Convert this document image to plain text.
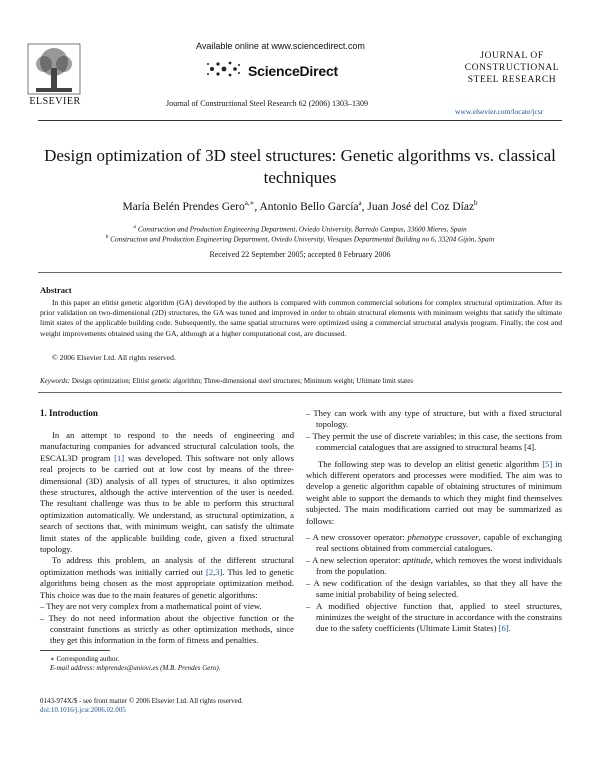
ELSEVIER
Available online at www.sciencedirect.com
ScienceDirect
Journal of Constructional Steel Research 62 (2006) 1303–1309
JOURNAL OF
CONSTRUCTIONAL
STEEL RESEARCH
www.elsevier.com/locate/jcsr
Design optimization of 3D steel structures: Genetic algorithms vs. classical techniques
María Belén Prendes Gero$^{a,∗}$, Antonio Bello García$^a$, Juan José del Coz Díaz$^b$
$^a$ Construction and Production Engineering Department, Oviedo University, Barredo Campus, 33600 Mieres, Spain
$^b$ Construction and Production Engineering Department, Oviedo University, Viesques Departmental Building no 6, 33204 Gijón, Spain
Received 22 September 2005; accepted 8 February 2006
Abstract
In this paper an elitist genetic algorithm (GA) developed by the authors is compared with common commercial solutions for complex structural optimization. After its prior validation on two-dimensional (2D) structures, the GA was tuned and improved in order to obtain structural elements with minimum weights that satisfy the ultimate limit states of the applicable building code. Subsequently, the same spatial structures were optimized using a commercial structural analysis program. Finally, the cost and weight improvements obtained using the GA, although at a higher computational cost, are discussed.
© 2006 Elsevier Ltd. All rights reserved.
Keywords: Design optimization; Elitist genetic algorithm; Three-dimensional steel structures; Minimum weight; Ultimate limit states
1. Introduction

In an attempt to respond to the needs of engineering and manufacturing companies for advanced structural calculation tools, the ESCAL3D program [1] was developed. This software not only allows real projects to be carried out at low cost by means of the three-dimensional (3D) analysis of all types of structures, it also optimizes these structures, although the active intervention of the user is needed. The resultant challenge was thus to be able to perform this structural optimization automatically. We understand, as structural optimization, a search of sections that, with minimum weight, can satisfy the ultimate limit states of the applicable building code, given a fixed structural topology.

To address this problem, an analysis of the different structural optimization methods was initially carried out [2,3]. This led to genetic algorithms being chosen as the most appropriate optimization method. This choice was due to the main features of genetic algorithms:

– They are not very complex from a mathematical point of view.
– They do not need information about the objective function or the constraint functions as strictly as other optimization methods, since they get this information in the form of fitness and penalties.
– They can work with any type of structure, but with a fixed structural topology.
– They permit the use of discrete variables; in this case, the sections from commercial catalogues that are assigned to structural beams [4].

The following step was to develop an elitist genetic algorithm [5] in which different operators and processes were modified. The aim was to develop a genetic algorithm capable of obtaining structures of minimum weight able to support the demands to which they might find themselves subjected. The main modifications carried out may be summarized as follows:

– A new crossover operator: phenotype crossover, capable of exchanging real sections obtained from commercial catalogues.
– A new selection operator: aptitude, which removes the worst individuals from the population.
– A new codification of the design variables, so that they all have the same initial probability of being selected.
– A modified objective function that, applied to steel structures, minimizes the weight of the structure in accordance with the constrains due to the safety coefficients (Ultimate Limit States) [6].
∗ Corresponding author.
E-mail address: mbprendes@uniovi.es (M.B. Prendes Gero).
0143-974X/$ - see front matter © 2006 Elsevier Ltd. All rights reserved.
doi:10.1016/j.jcsr.2006.02.005
